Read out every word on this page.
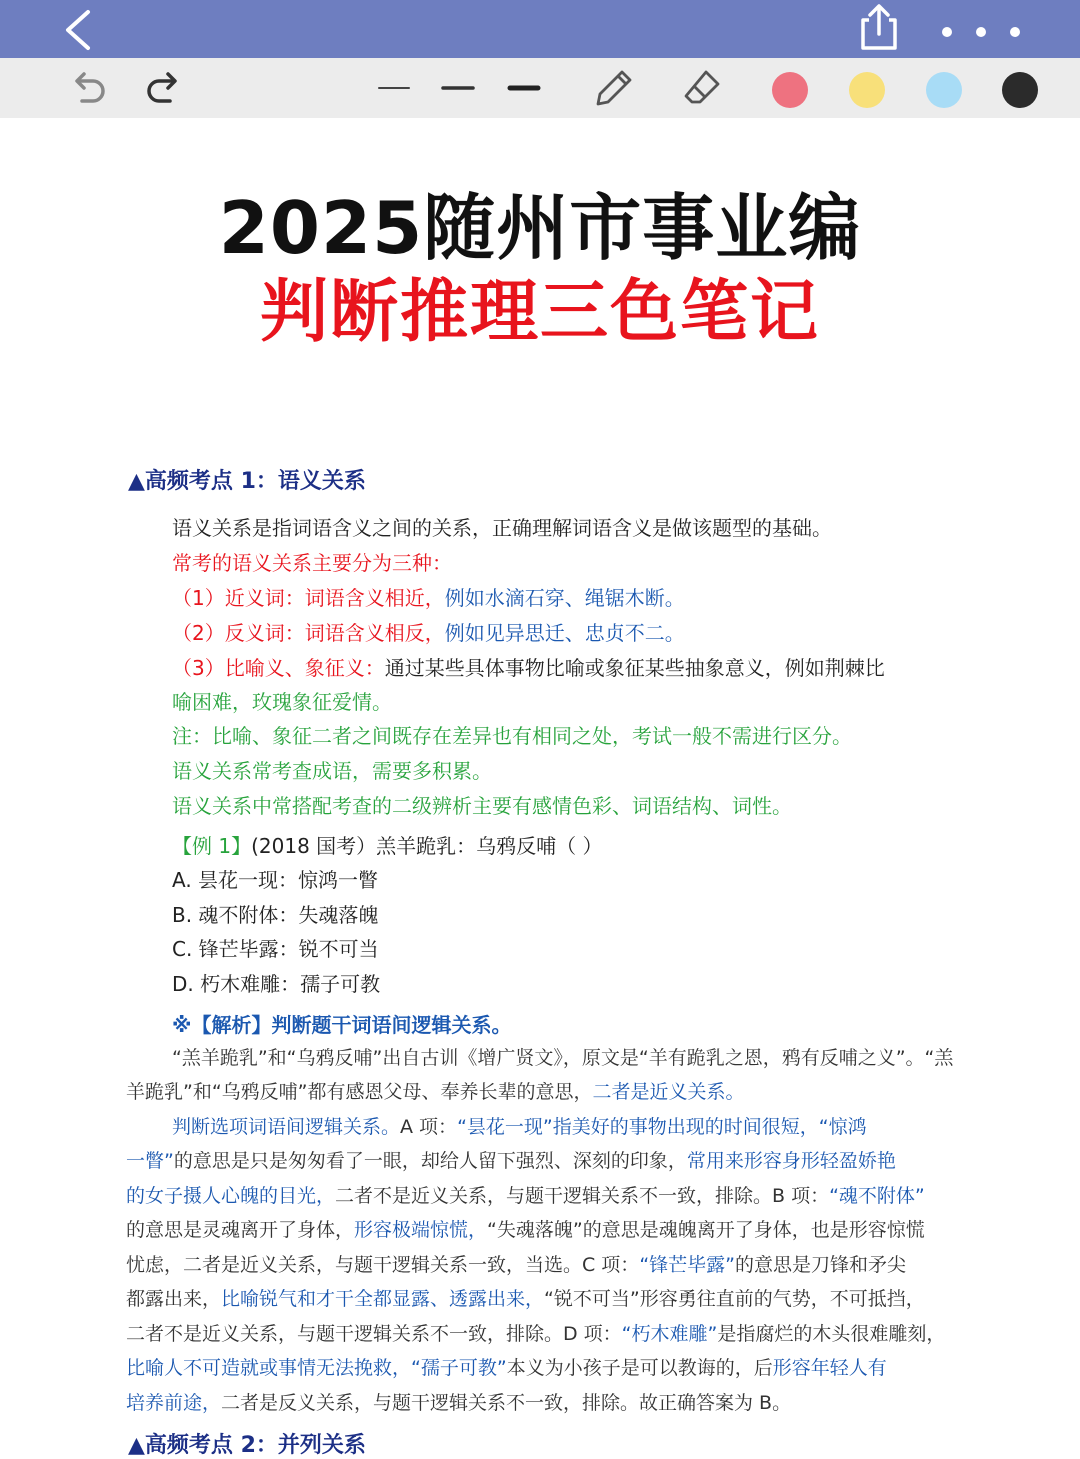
2025随州市事业编
判断推理三色笔记
▲高频考点 1：语义关系
语义关系是指词语含义之间的关系，正确理解词语含义是做该题型的基础。
常考的语义关系主要分为三种：
（1）近义词：词语含义相近，例如水滴石穿、绳锯木断。
（2）反义词：词语含义相反，例如见异思迁、忠贞不二。
（3）比喻义、象征义：通过某些具体事物比喻或象征某些抽象意义，例如荆棘比
喻困难，玫瑰象征爱情。
注：比喻、象征二者之间既存在差异也有相同之处，考试一般不需进行区分。
语义关系常考查成语，需要多积累。
语义关系中常搭配考查的二级辨析主要有感情色彩、词语结构、词性。
【例 1】(2018 国考）羔羊跪乳：乌鸦反哺（ ）
A. 昙花一现：惊鸿一瞥
B. 魂不附体：失魂落魄
C. 锋芒毕露：锐不可当
D. 朽木难雕：孺子可教
※【解析】判断题干词语间逻辑关系。
“羔羊跪乳”和“乌鸦反哺”出自古训《增广贤文》，原文是“羊有跪乳之恩，鸦有反哺之义”。“羔
羊跪乳”和“乌鸦反哺”都有感恩父母、奉养长辈的意思，二者是近义关系。
判断选项词语间逻辑关系。A 项：“昙花一现”指美好的事物出现的时间很短，“惊鸿
一瞥”的意思是只是匆匆看了一眼，却给人留下强烈、深刻的印象，常用来形容身形轻盈娇艳
的女子摄人心魄的目光，二者不是近义关系，与题干逻辑关系不一致，排除。B 项：“魂不附体”
的意思是灵魂离开了身体，形容极端惊慌，“失魂落魄”的意思是魂魄离开了身体，也是形容惊慌
忧虑，二者是近义关系，与题干逻辑关系一致，当选。C 项：“锋芒毕露”的意思是刀锋和矛尖
都露出来，比喻锐气和才干全都显露、透露出来，“锐不可当”形容勇往直前的气势，不可抵挡，
二者不是近义关系，与题干逻辑关系不一致，排除。D 项：“朽木难雕”是指腐烂的木头很难雕刻，
比喻人不可造就或事情无法挽救，“孺子可教”本义为小孩子是可以教诲的，后形容年轻人有
培养前途，二者是反义关系，与题干逻辑关系不一致，排除。故正确答案为 B。
▲高频考点 2：并列关系
